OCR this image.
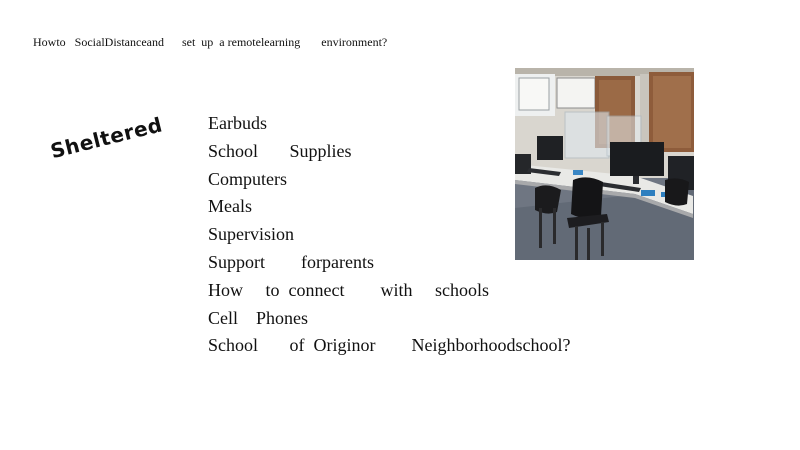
Howto   SocialDistanceand      set  up  a remotelearning       environment?
Sheltered Earbuds
School       Supplies
Computers
Meals
Supervision
Support        forparents
How     to  connect        with     schools
Cell    Phones
School       of  Originor        Neighborhoodschool?
